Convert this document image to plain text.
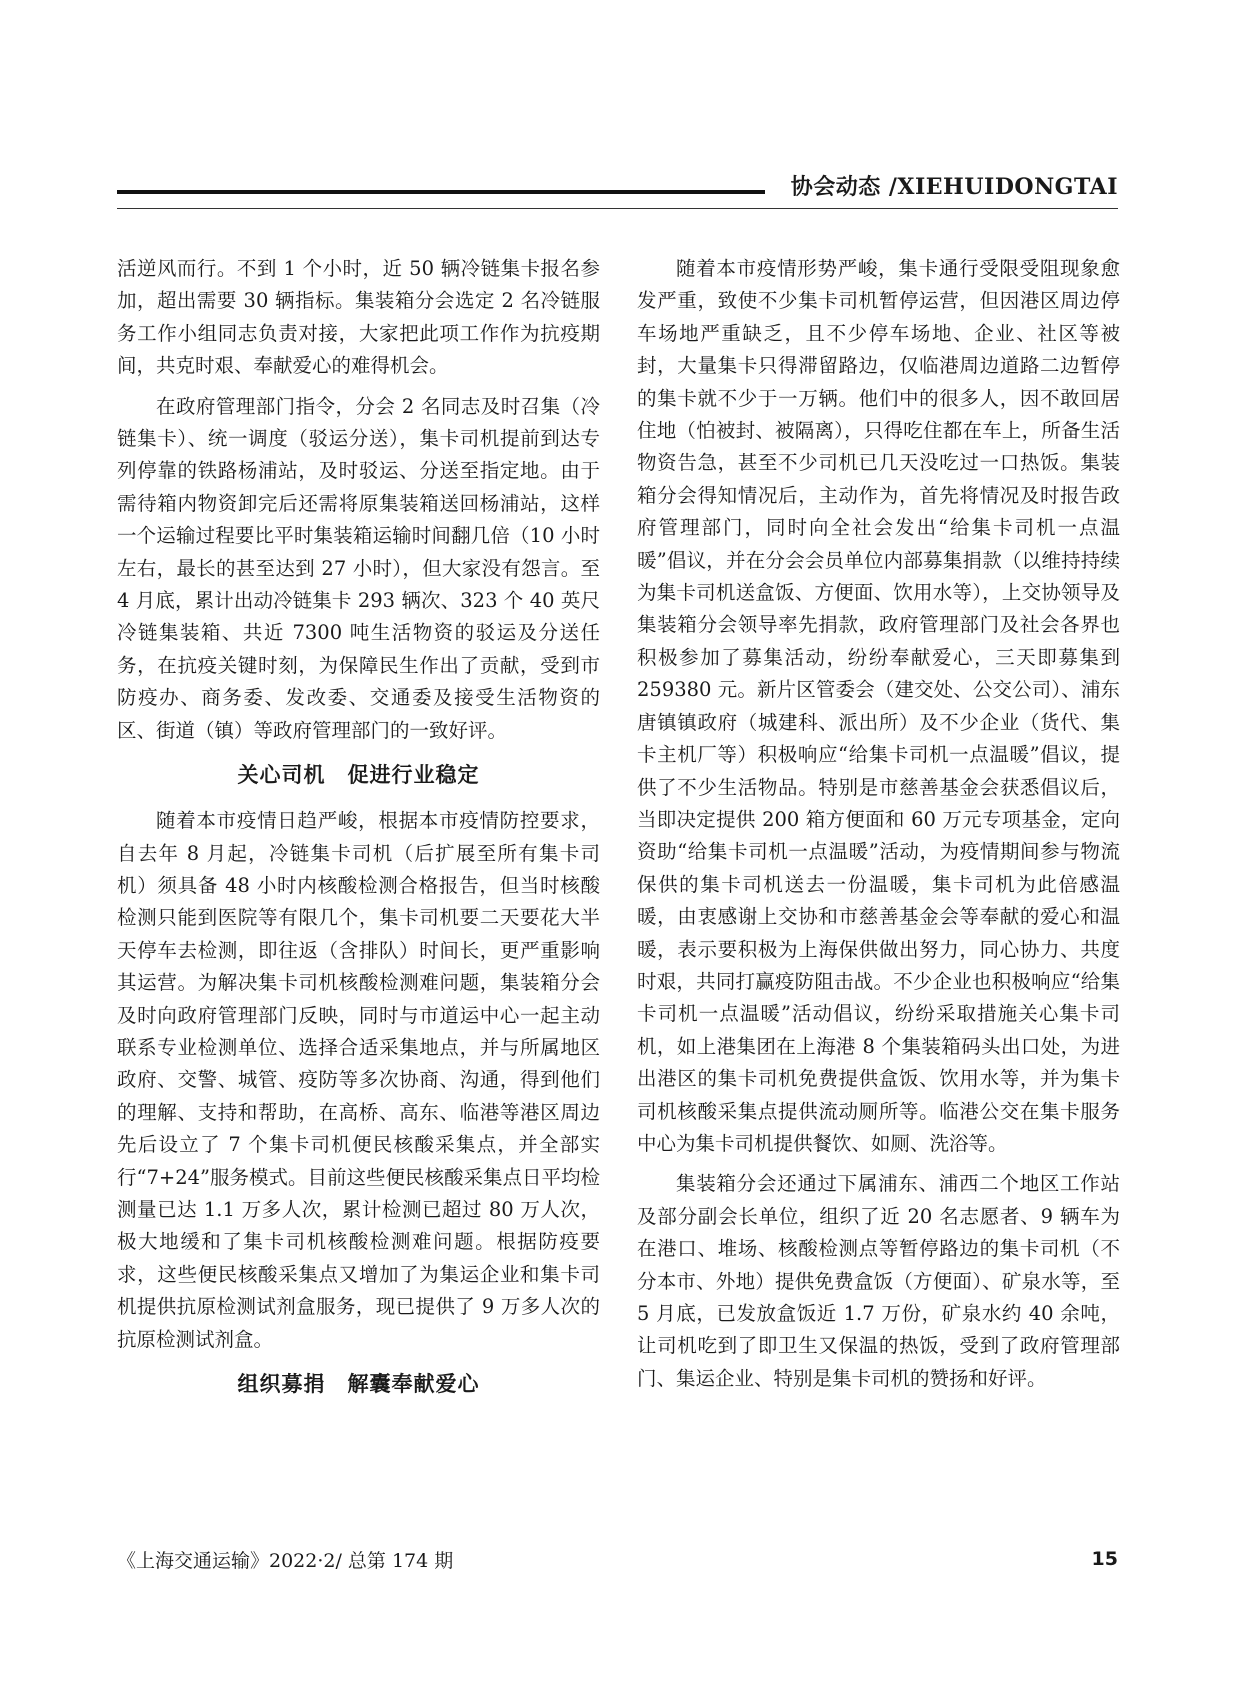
协会动态 /XIEHUIDONGTAI

活逆风而行。不到 1 个小时，近 50 辆冷链集卡报名参加，超出需要 30 辆指标。集装箱分会选定 2 名冷链服务工作小组同志负责对接，大家把此项工作作为抗疫期间，共克时艰、奉献爱心的难得机会。

在政府管理部门指令，分会 2 名同志及时召集（冷链集卡）、统一调度（驳运分送），集卡司机提前到达专列停靠的铁路杨浦站，及时驳运、分送至指定地。由于需待箱内物资卸完后还需将原集装箱送回杨浦站，这样一个运输过程要比平时集装箱运输时间翻几倍（10 小时左右，最长的甚至达到 27 小时），但大家没有怨言。至 4 月底，累计出动冷链集卡 293 辆次、323 个 40 英尺冷链集装箱、共近 7300 吨生活物资的驳运及分送任务，在抗疫关键时刻，为保障民生作出了贡献，受到市防疫办、商务委、发改委、交通委及接受生活物资的区、街道（镇）等政府管理部门的一致好评。

关心司机　促进行业稳定

随着本市疫情日趋严峻，根据本市疫情防控要求，自去年 8 月起，冷链集卡司机（后扩展至所有集卡司机）须具备 48 小时内核酸检测合格报告，但当时核酸检测只能到医院等有限几个，集卡司机要二天要花大半天停车去检测，即往返（含排队）时间长，更严重影响其运营。为解决集卡司机核酸检测难问题，集装箱分会及时向政府管理部门反映，同时与市道运中心一起主动联系专业检测单位、选择合适采集地点，并与所属地区政府、交警、城管、疫防等多次协商、沟通，得到他们的理解、支持和帮助，在高桥、高东、临港等港区周边先后设立了 7 个集卡司机便民核酸采集点，并全部实行“7+24”服务模式。目前这些便民核酸采集点日平均检测量已达 1.1 万多人次，累计检测已超过 80 万人次，极大地缓和了集卡司机核酸检测难问题。根据防疫要求，这些便民核酸采集点又增加了为集运企业和集卡司机提供抗原检测试剂盒服务，现已提供了 9 万多人次的抗原检测试剂盒。

组织募捐　解囊奉献爱心

随着本市疫情形势严峻，集卡通行受限受阻现象愈发严重，致使不少集卡司机暂停运营，但因港区周边停车场地严重缺乏，且不少停车场地、企业、社区等被封，大量集卡只得滞留路边，仅临港周边道路二边暂停的集卡就不少于一万辆。他们中的很多人，因不敢回居住地（怕被封、被隔离），只得吃住都在车上，所备生活物资告急，甚至不少司机已几天没吃过一口热饭。集装箱分会得知情况后，主动作为，首先将情况及时报告政府管理部门，同时向全社会发出“给集卡司机一点温暖”倡议，并在分会会员单位内部募集捐款（以维持持续为集卡司机送盒饭、方便面、饮用水等），上交协领导及集装箱分会领导率先捐款，政府管理部门及社会各界也积极参加了募集活动，纷纷奉献爱心，三天即募集到 259380 元。新片区管委会（建交处、公交公司）、浦东唐镇镇政府（城建科、派出所）及不少企业（货代、集卡主机厂等）积极响应“给集卡司机一点温暖”倡议，提供了不少生活物品。特别是市慈善基金会获悉倡议后，当即决定提供 200 箱方便面和 60 万元专项基金，定向资助“给集卡司机一点温暖”活动，为疫情期间参与物流保供的集卡司机送去一份温暖，集卡司机为此倍感温暖，由衷感谢上交协和市慈善基金会等奉献的爱心和温暖，表示要积极为上海保供做出努力，同心协力、共度时艰，共同打赢疫防阻击战。不少企业也积极响应“给集卡司机一点温暖”活动倡议，纷纷采取措施关心集卡司机，如上港集团在上海港 8 个集装箱码头出口处，为进出港区的集卡司机免费提供盒饭、饮用水等，并为集卡司机核酸采集点提供流动厕所等。临港公交在集卡服务中心为集卡司机提供餐饮、如厕、洗浴等。

集装箱分会还通过下属浦东、浦西二个地区工作站及部分副会长单位，组织了近 20 名志愿者、9 辆车为在港口、堆场、核酸检测点等暂停路边的集卡司机（不分本市、外地）提供免费盒饭（方便面）、矿泉水等，至 5 月底，已发放盒饭近 1.7 万份，矿泉水约 40 余吨，让司机吃到了即卫生又保温的热饭，受到了政府管理部门、集运企业、特别是集卡司机的赞扬和好评。

《上海交通运输》2022·2/ 总第 174 期	15
